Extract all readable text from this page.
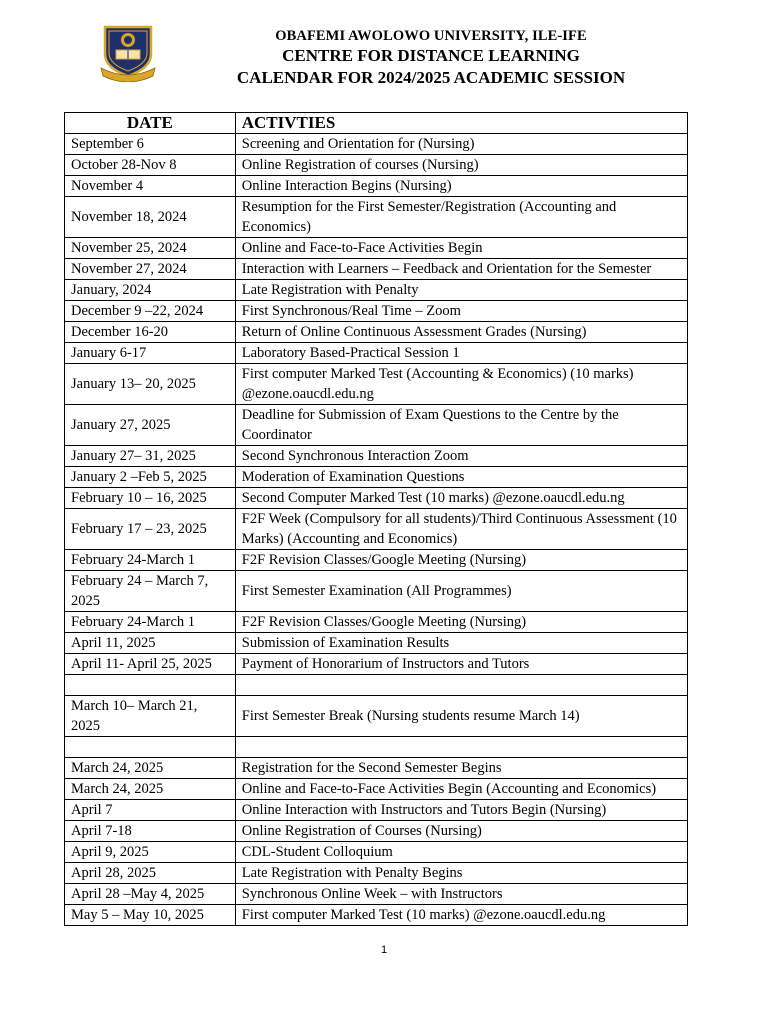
OBAFEMI AWOLOWO UNIVERSITY, ILE-IFE
CENTRE FOR DISTANCE LEARNING
CALENDAR FOR 2024/2025 ACADEMIC SESSION
DATE	ACTIVTIES
September 6	Screening and Orientation for (Nursing)
October 28-Nov 8	Online Registration of courses (Nursing)
November 4	Online Interaction Begins (Nursing)
November 18, 2024	Resumption for the First Semester/Registration (Accounting and Economics)
November 25, 2024	Online and Face-to-Face Activities Begin
November 27, 2024	Interaction with Learners – Feedback and Orientation for the Semester
January, 2024	Late Registration with Penalty
December 9 –22, 2024	First Synchronous/Real Time – Zoom
December 16-20	Return of Online Continuous Assessment Grades (Nursing)
January 6-17	Laboratory Based-Practical Session 1
January 13– 20, 2025	First computer Marked Test (Accounting & Economics) (10 marks) @ezone.oaucdl.edu.ng
January 27, 2025	Deadline for Submission of Exam Questions to the Centre by the Coordinator
January 27– 31, 2025	Second Synchronous Interaction Zoom
January 2 –Feb 5, 2025	Moderation of Examination Questions
February 10 – 16, 2025	Second Computer Marked Test (10 marks) @ezone.oaucdl.edu.ng
February 17 – 23, 2025	F2F Week (Compulsory for all students)/Third Continuous Assessment (10 Marks) (Accounting and Economics)
February 24-March 1	F2F Revision Classes/Google Meeting (Nursing)
February 24 – March 7, 2025	First Semester Examination (All Programmes)
February 24-March 1	F2F Revision Classes/Google Meeting (Nursing)
April 11, 2025	Submission of Examination Results
April 11- April 25, 2025	Payment of Honorarium of Instructors and Tutors

March 10– March 21, 2025	First Semester Break (Nursing students resume March 14)

March 24, 2025	Registration for the Second Semester Begins
March 24, 2025	Online and Face-to-Face Activities Begin (Accounting and Economics)
April 7	Online Interaction with Instructors and Tutors Begin (Nursing)
April 7-18	Online Registration of Courses (Nursing)
April 9, 2025	CDL-Student Colloquium
April 28, 2025	Late Registration with Penalty Begins
April 28 –May 4, 2025	Synchronous Online Week – with Instructors
May 5 – May 10, 2025	First computer Marked Test (10 marks) @ezone.oaucdl.edu.ng
1
